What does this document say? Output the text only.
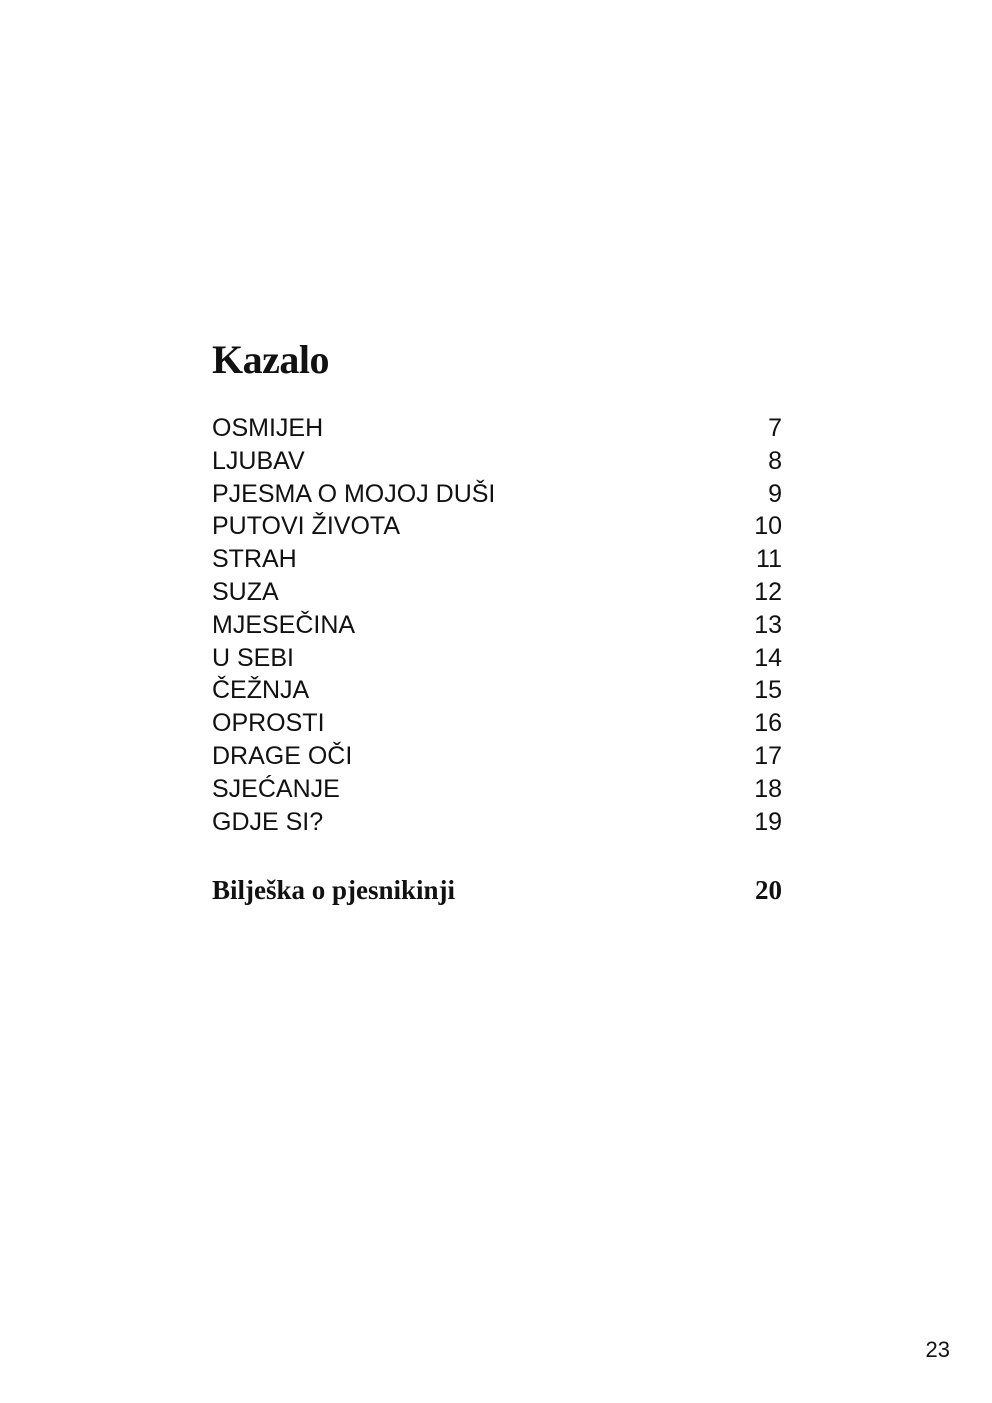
Kazalo
OSMIJEH	7
LJUBAV	8
PJESMA O MOJOJ DUŠI	9
PUTOVI ŽIVOTA	10
STRAH	11
SUZA	12
MJESEČINA	13
U SEBI	14
ČEŽNJA	15
OPROSTI	16
DRAGE OČI	17
SJEĆANJE	18
GDJE SI?	19
Bilješka o pjesnikinji	20
23
